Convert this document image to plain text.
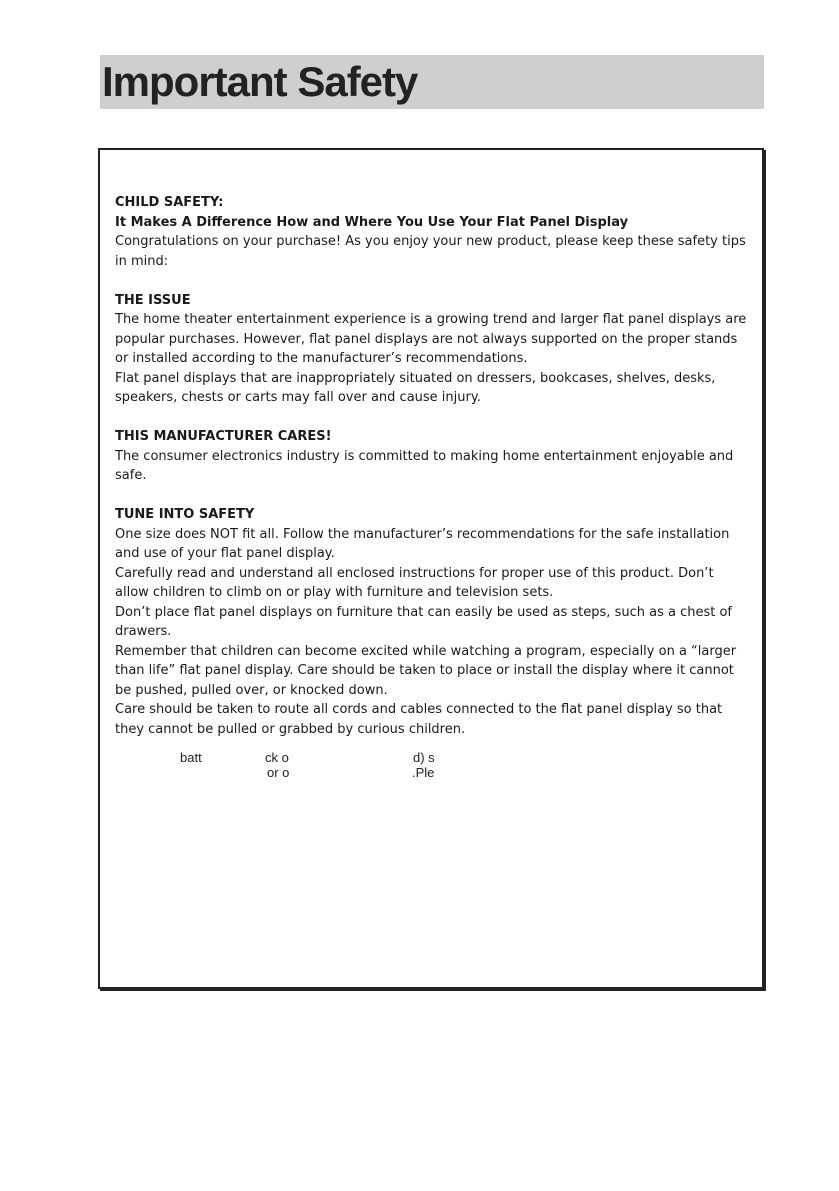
Important Safety

CHILD SAFETY:

It Makes A Difference How and Where You Use Your Flat Panel Display

Congratulations on your purchase! As you enjoy your new product, please keep these safety tips in mind:

THE ISSUE

The home theater entertainment experience is a growing trend and larger flat panel displays are popular purchases. However, flat panel displays are not always supported on the proper stands or installed according to the manufacturer’s recommendations.

Flat panel displays that are inappropriately situated on dressers, bookcases, shelves, desks, speakers, chests or carts may fall over and cause injury.

THIS MANUFACTURER CARES!

The consumer electronics industry is committed to making home entertainment enjoyable and safe.

TUNE INTO SAFETY

One size does NOT fit all. Follow the manufacturer’s recommendations for the safe installation and use of your flat panel display.

Carefully read and understand all enclosed instructions for proper use of this product. Don’t allow children to climb on or play with furniture and television sets.

Don’t place flat panel displays on furniture that can easily be used as steps, such as a chest of drawers.

Remember that children can become excited while watching a program, especially on a “larger than life” flat panel display. Care should be taken to place or install the display where it cannot be pushed, pulled over, or knocked down.

Care should be taken to route all cords and cables connected to the flat panel display so that they cannot be pulled or grabbed by curious children.

batt	ck o	d) s
or o	.Ple
